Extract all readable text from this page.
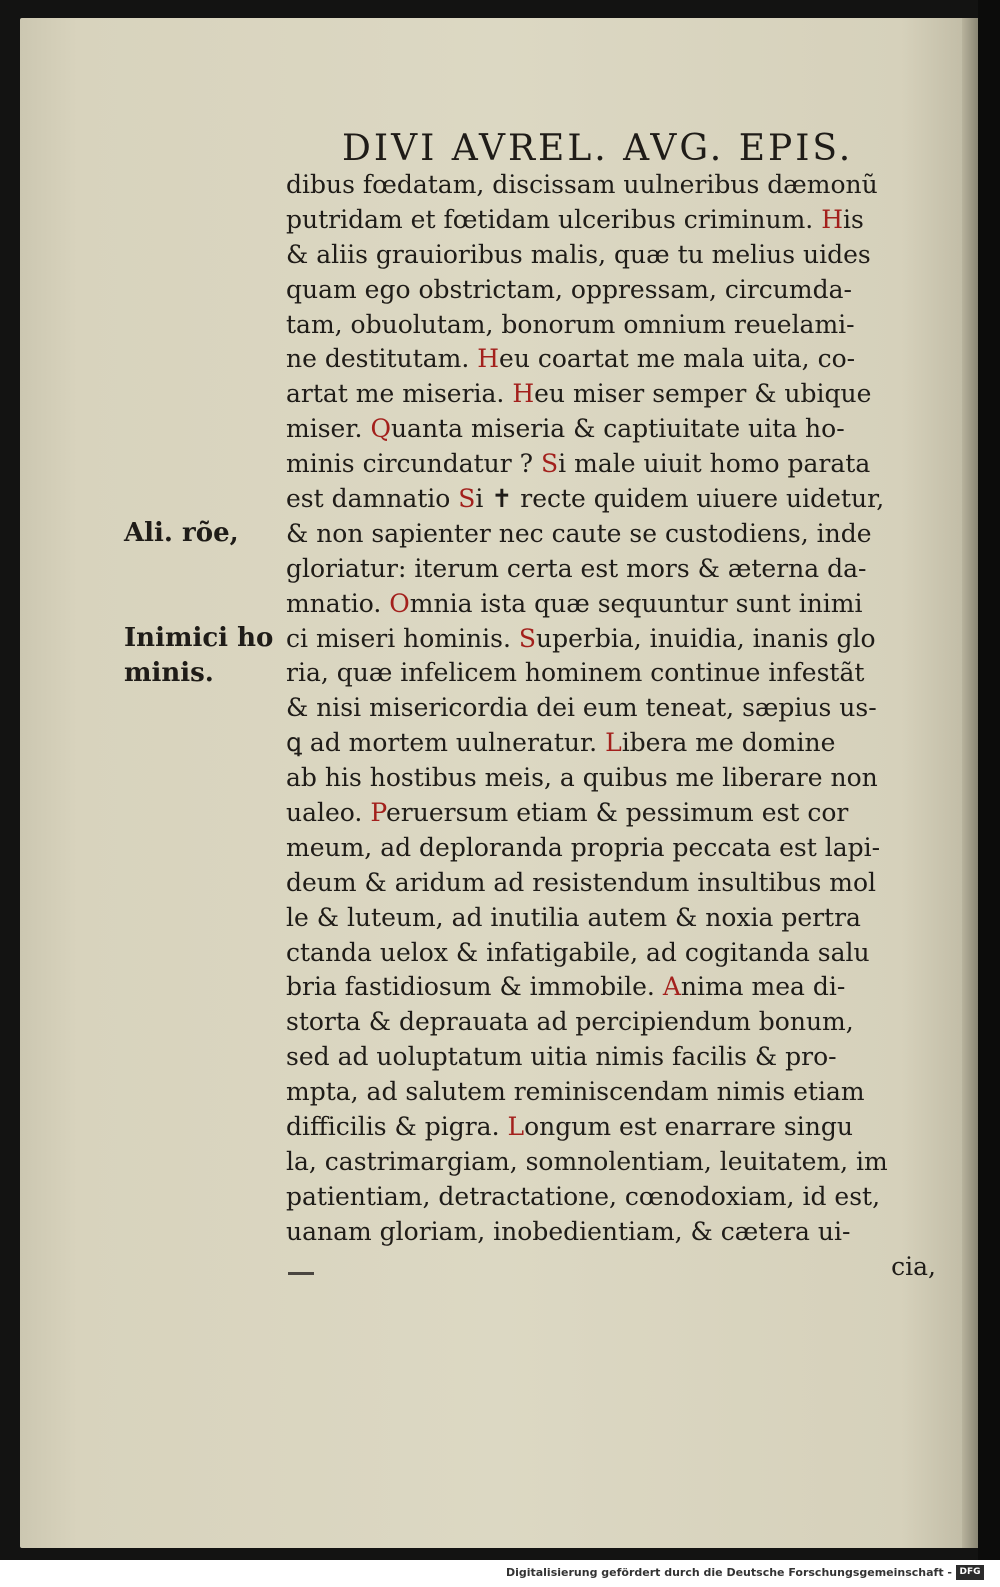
DIVI AVREL. AVG. EPIS.
Ali. rõe,
Inimici ho
minis.
dibus fœdatam, discissam uulneribus dæmonũ
putridam et fœtidam ulceribus criminum. His
& aliis grauioribus malis, quæ tu melius uides
quam ego obstrictam, oppressam, circumda-
tam, obuolutam, bonorum omnium reuelami-
ne destitutam. Heu coartat me mala uita, co-
artat me miseria. Heu miser semper & ubique
miser. Quanta miseria & captiuitate uita ho-
minis circundatur ? Si male uiuit homo parata
est damnatio Si ✝ recte quidem uiuere uidetur,
& non sapienter nec caute se custodiens, inde
gloriatur: iterum certa est mors & æterna da-
mnatio. Omnia ista quæ sequuntur sunt inimi
ci miseri hominis. Superbia, inuidia, inanis glo
ria, quæ infelicem hominem continue infestãt
& nisi misericordia dei eum teneat, sæpius us-
ꝗ ad mortem uulneratur. Libera me domine
ab his hostibus meis, a quibus me liberare non
ualeo. Peruersum etiam & pessimum est cor
meum, ad deploranda propria peccata est lapi-
deum & aridum ad resistendum insultibus mol
le & luteum, ad inutilia autem & noxia pertra
ctanda uelox & infatigabile, ad cogitanda salu
bria fastidiosum & immobile. Anima mea di-
storta & deprauata ad percipiendum bonum,
sed ad uoluptatum uitia nimis facilis & pro-
mpta, ad salutem reminiscendam nimis etiam
difficilis & pigra. Longum est enarrare singu
la, castrimargiam, somnolentiam, leuitatem, im
patientiam, detractatione, cœnodoxiam, id est,
uanam gloriam, inobedientiam, & cætera ui-
cia,
Digitalisierung gefördert durch die Deutsche Forschungsgemeinschaft - DFG
